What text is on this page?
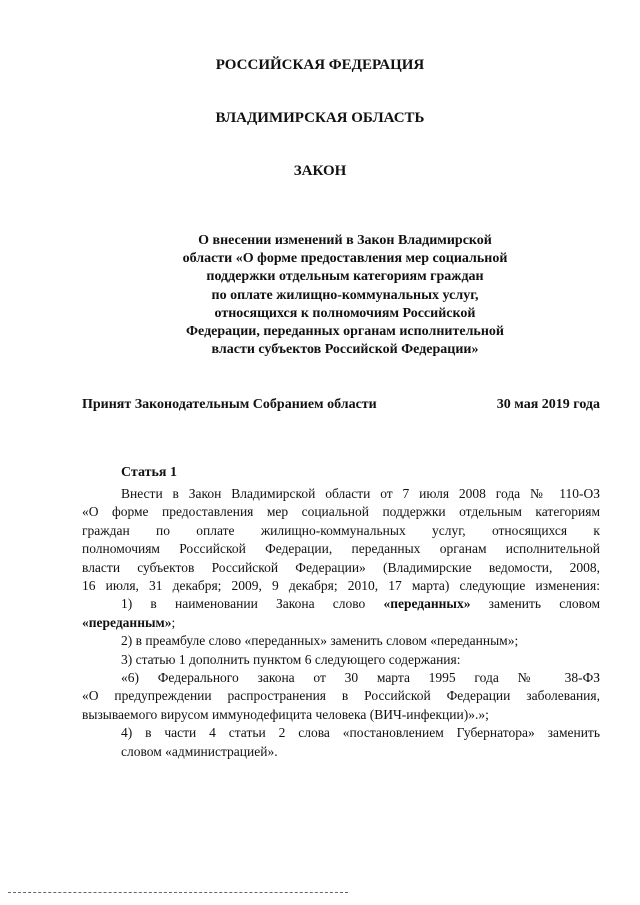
РОССИЙСКАЯ ФЕДЕРАЦИЯ
ВЛАДИМИРСКАЯ ОБЛАСТЬ
ЗАКОН
О внесении изменений в Закон Владимирской
области «О форме предоставления мер социальной
поддержки отдельным категориям граждан
по оплате жилищно-коммунальных услуг,
относящихся к полномочиям Российской
Федерации, переданных органам исполнительной
власти субъектов Российской Федерации»
Принят Законодательным Собранием области	30 мая 2019 года
Статья 1

Внести в Закон Владимирской области от 7 июля 2008 года № 110-ОЗ

«О форме предоставления мер социальной поддержки отдельным категориям

граждан по оплате жилищно-коммунальных услуг, относящихся к

полномочиям Российской Федерации, переданных органам исполнительной

власти субъектов Российской Федерации» (Владимирские ведомости, 2008,

16 июля, 31 декабря; 2009, 9 декабря; 2010, 17 марта) следующие изменения:

1) в наименовании Закона слово «переданных» заменить словом

«переданным»;

2) в преамбуле слово «переданных» заменить словом «переданным»;

3) статью 1 дополнить пунктом 6 следующего содержания:

«6) Федерального закона от 30 марта 1995 года № 38-ФЗ

«О предупреждении распространения в Российской Федерации заболевания,

вызываемого вирусом иммунодефицита человека (ВИЧ-инфекции)».»;

4) в части 4 статьи 2 слова «постановлением Губернатора» заменить

словом «администрацией».
